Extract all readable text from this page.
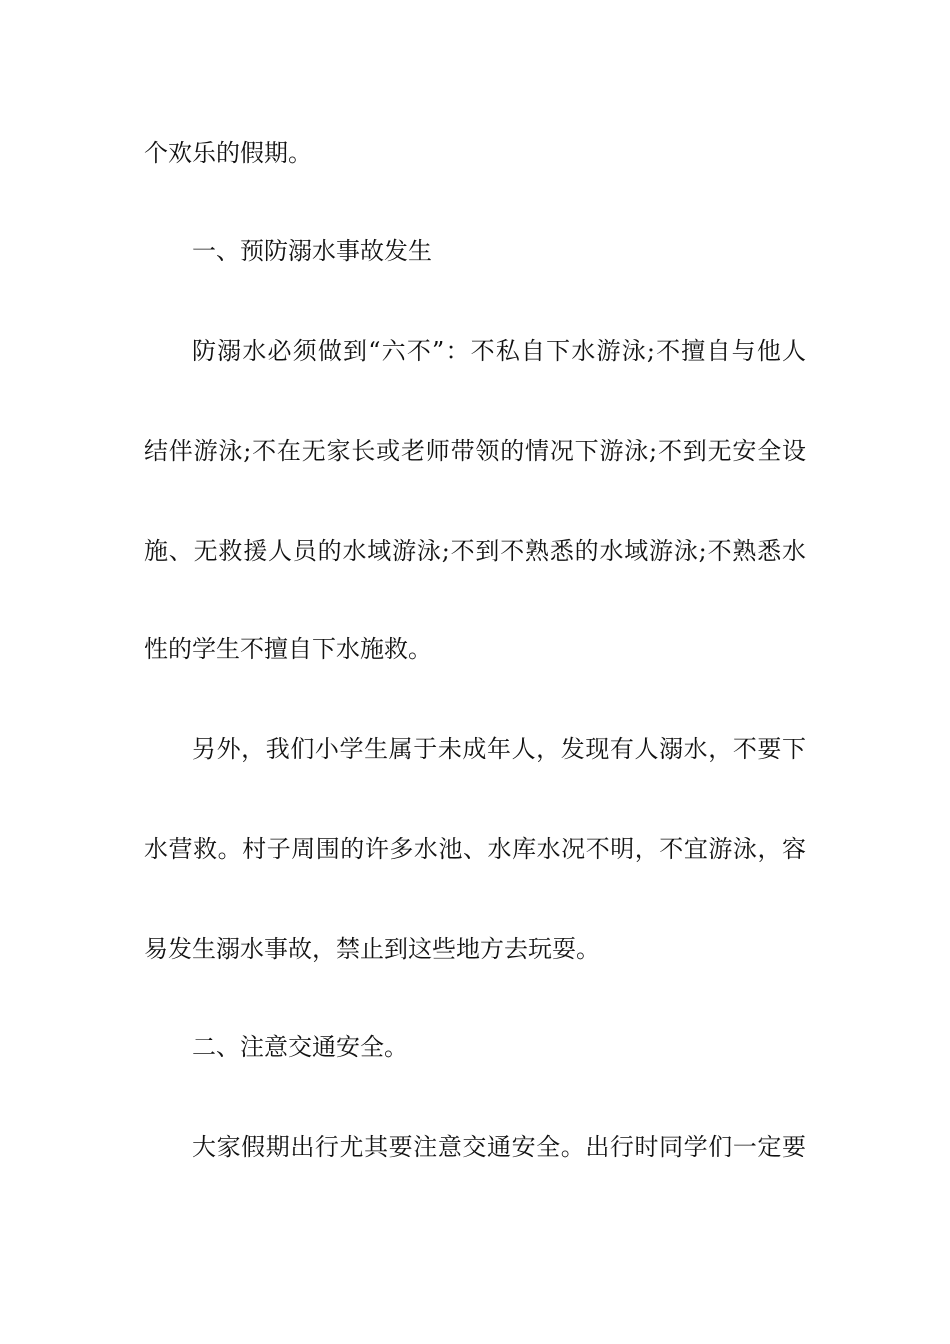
个欢乐的假期。
一、预防溺水事故发生
防溺水必须做到“六不”：不私自下水游泳;不擅自与他人
结伴游泳;不在无家长或老师带领的情况下游泳;不到无安全设
施、无救援人员的水域游泳;不到不熟悉的水域游泳;不熟悉水
性的学生不擅自下水施救。
另外，我们小学生属于未成年人，发现有人溺水，不要下
水营救。村子周围的许多水池、水库水况不明，不宜游泳，容
易发生溺水事故，禁止到这些地方去玩耍。
二、注意交通安全。
大家假期出行尤其要注意交通安全。出行时同学们一定要
